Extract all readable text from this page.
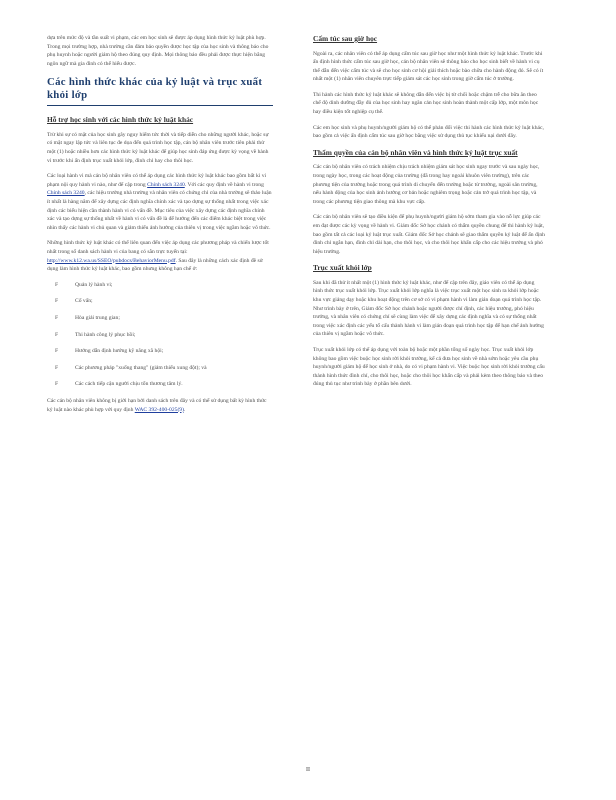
dựa trên mức độ và tần suất vi phạm, các em học sinh sẽ được áp dụng hình thức kỷ luật phù hợp. Trong mọi trường hợp, nhà trường cần đảm bảo quyền được học tập của học sinh và thông báo cho phụ huynh hoặc người giám hộ theo đúng quy định. Mọi thông báo đều phải được thực hiện bằng ngôn ngữ mà gia đình có thể hiểu được.

Các hình thức khác của kỷ luật và trục xuất khỏi lớp
Hỗ trợ học sinh với các hình thức kỷ luật khác

Trừ khi sự có mặt của học sinh gây nguy hiểm tức thời và tiếp diễn cho những người khác, hoặc sự có mặt ngay lập tức và liên tục đe dọa đến quá trình học tập, cán bộ nhân viên trước tiên phải thử một (1) hoặc nhiều hơn các hình thức kỷ luật khác để giúp học sinh đáp ứng được kỳ vọng về hành vi trước khi ấn định trục xuất khỏi lớp, đình chỉ hay cho thôi học.

Các loại hành vi mà cán bộ nhân viên có thể áp dụng các hình thức kỷ luật khác bao gồm bất kì vi phạm nội quy hành vi nào, như để cập trong Chính sách 3240. Với các quy định về hành vi trong Chính sách 3240, các hiệu trưởng nhà trường và nhân viên có chứng chỉ của nhà trường sẽ thảo luận ít nhất là hàng năm để xây dựng các định nghĩa chính xác và tạo dựng sự thống nhất trong việc xác định các biểu hiện cần thành hành vi có vấn đề. Mục tiêu của việc xây dựng các định nghĩa chính xác và tạo dựng sự thống nhất về hành vi có vấn đề là để hướng đến các điểm khác biệt trong việc nhìn thấy các hành vi chủ quan và giảm thiểu ảnh hưởng của thiên vị trong việc ngầm hoặc vô thức.

Những hình thức kỷ luật khác có thể liên quan đến việc áp dụng các phương pháp và chiến lược tốt nhất trong số danh sách hành vi của bang có sẵn trực tuyến tại: http://www.k12.wa.us/SSEO/pubdocs/BehaviorMenu.pdf. Sau đây là những cách xác định đề sử dụng làm hình thức kỷ luật khác, bao gồm nhưng không hạn chế ở:

F	Quản lý hành vi;
F	Cố vấn;
F	Hòa giải trung gian;
F	Thi hành công lý phục hồi;
F	Hướng dẫn định hướng kỹ năng xã hội;
F	Các phương pháp "xuống thang" (giảm thiểu xung đột); và
F	Các cách tiếp cận người chịu tổn thương tâm lý.

Các cán bộ nhân viên không bị giới hạn bởi danh sách trên đây và có thể sử dụng bất kỳ hình thức kỷ luật nào khác phù hợp với quy định WAC 392-400-025(9).

Cấm túc sau giờ học

Ngoài ra, các nhân viên có thể áp dụng cấm túc sau giờ học như một hình thức kỷ luật khác. Trước khi ấn định hình thức cấm túc sau giờ học, cán bộ nhân viên sẽ thông báo cho học sinh biết về hành vi cụ thể dẫn đến việc cấm túc và sẽ cho học sinh cơ hội giải thích hoặc bào chữa cho hành động đó. Sẽ có ít nhất một (1) nhân viên chuyên trực tiếp giám sát các học sinh trong giờ cấm túc ở trường.

Thi hành các hình thức kỷ luật khác sẽ không dẫn đến việc bị từ chối hoặc chậm trễ cho bữa ăn theo chế độ dinh dưỡng đầy đủ của học sinh hay ngăn cản học sinh hoàn thành một cấp lớp, một môn học hay điều kiện tốt nghiệp cụ thể.

Các em học sinh và phụ huynh/người giám hộ có thể phản đối việc thi hành các hình thức kỷ luật khác, bao gồm cả việc ấn định cấm túc sau giờ học bằng việc sử dụng thủ tục khiếu nại dưới đây.

Thẩm quyền của cán bộ nhân viên và hình thức kỷ luật trục xuất

Các cán bộ nhân viên có trách nhiệm chịu trách nhiệm giám sát học sinh ngay trước và sau ngày học, trong ngày học, trong các hoạt động của trường (đã trong hay ngoài khuôn viên trường), trên các phương tiện của trường hoặc trong quá trình di chuyển đến trường hoặc từ trường, ngoài sân trường, nếu hành động của học sinh ảnh hưởng cơ bản hoặc nghiêm trọng hoặc cản trở quá trình học tập, và trong các phương tiện giao thông mà khu vực cấp.

Các cán bộ nhân viên sẽ tạo điều kiện để phụ huynh/người giám hộ sớm tham gia vào nỗ lực giúp các em đạt được các kỳ vọng về hành vi. Giám đốc Sở học chánh có thẩm quyền chung để thi hành kỷ luật, bao gồm tất cả các loại kỷ luật trục xuất. Giám đốc Sở học chánh sẽ giao thẩm quyền kỷ luật để ấn định đình chỉ ngắn hạn, đình chỉ dài hạn, cho thôi học, và cho thôi học khẩn cấp cho các hiệu trưởng và phó hiệu trưởng.

Trục xuất khỏi lớp

Sau khi đã thử ít nhất một (1) hình thức kỷ luật khác, như để cập trên đây, giáo viên có thể áp dụng hình thức trục xuất khỏi lớp. Trục xuất khỏi lớp nghĩa là việc trục xuất một học sinh ra khỏi lớp hoặc khu vực giảng dạy hoặc khu hoạt động trên cơ sở có vi phạm hành vi làm gián đoạn quá trình học tập. Như trình bày ở trên, Giám đốc Sở học chánh hoặc người được chỉ định, các hiệu trưởng, phó hiệu trưởng, và nhân viên có chứng chỉ sẽ cùng làm việc để xây dựng các định nghĩa và có sự thống nhất trong việc xác định các yếu tố cấu thành hành vi làm gián đoạn quá trình học tập để hạn chế ảnh hưởng của thiên vị ngầm hoặc vô thức.

Trục xuất khỏi lớp có thể áp dụng với toàn bộ hoặc một phần tổng số ngày học. Trục xuất khỏi lớp không bao gồm việc buộc học sinh rời khỏi trường, kể cả đưa học sinh về nhà sớm hoặc yêu cầu phụ huynh/người giám hộ để học sinh ở nhà, do có vi phạm hành vi. Việc buộc học sinh rời khỏi trường cấu thành hình thức đình chỉ, cho thôi học, hoặc cho thôi học khẩn cấp và phải kèm theo thông báo và theo đúng thủ tục như trình bày ở phần bên dưới.

II
